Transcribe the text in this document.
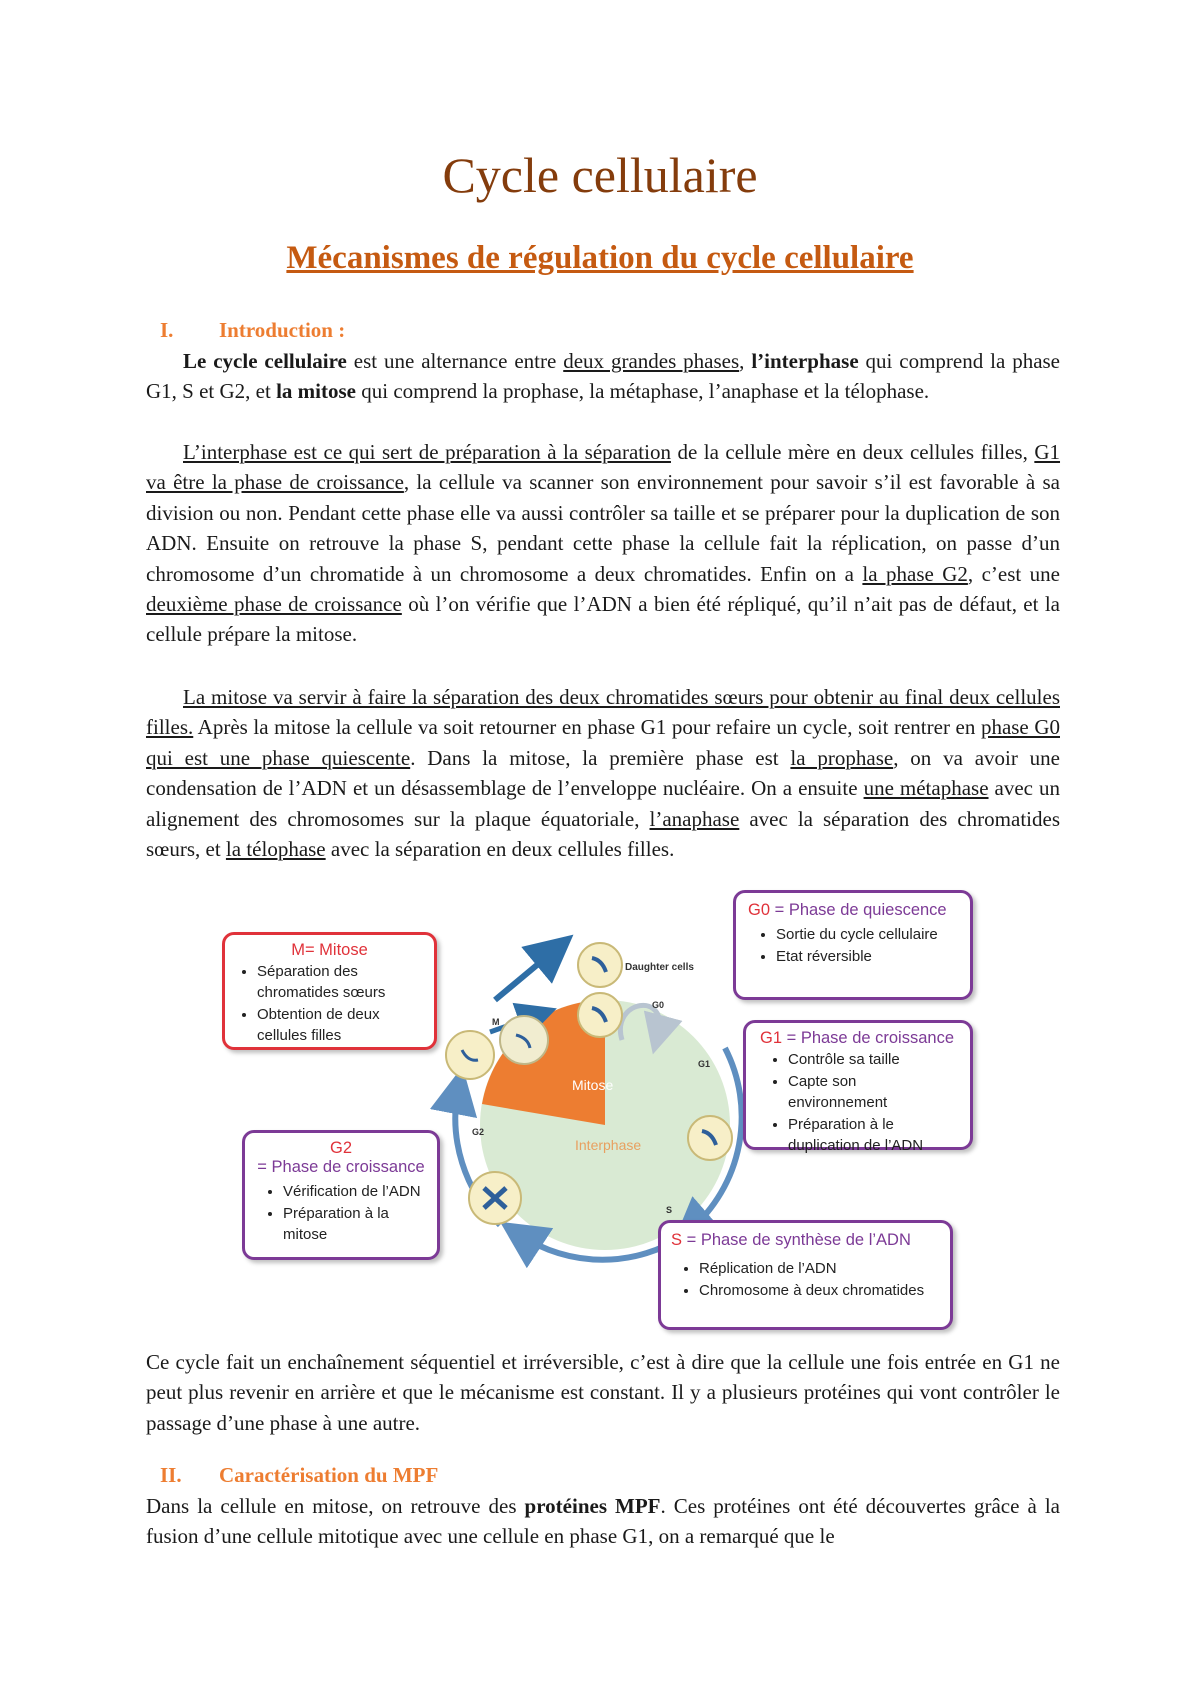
Cycle cellulaire
Mécanismes de régulation du cycle cellulaire
I. Introduction :

Le cycle cellulaire est une alternance entre deux grandes phases, l’interphase qui comprend la phase G1, S et G2, et la mitose qui comprend la prophase, la métaphase, l’anaphase et la télophase.

L’interphase est ce qui sert de préparation à la séparation de la cellule mère en deux cellules filles, G1 va être la phase de croissance, la cellule va scanner son environnement pour savoir s’il est favorable à sa division ou non. Pendant cette phase elle va aussi contrôler sa taille et se préparer pour la duplication de son ADN. Ensuite on retrouve la phase S, pendant cette phase la cellule fait la réplication, on passe d’un chromosome d’un chromatide à un chromosome a deux chromatides. Enfin on a la phase G2, c’est une deuxième phase de croissance où l’on vérifie que l’ADN a bien été répliqué, qu’il n’ait pas de défaut, et la cellule prépare la mitose.

La mitose va servir à faire la séparation des deux chromatides sœurs pour obtenir au final deux cellules filles. Après la mitose la cellule va soit retourner en phase G1 pour refaire un cycle, soit rentrer en phase G0 qui est une phase quiescente. Dans la mitose, la première phase est la prophase, on va avoir une condensation de l’ADN et un désassemblage de l’enveloppe nucléaire. On a ensuite une métaphase avec un alignement des chromosomes sur la plaque équatoriale, l’anaphase avec la séparation des chromatides sœurs, et la télophase avec la séparation en deux cellules filles.

Mitose
Interphase
Daughter cells
M
G0
G1
G2
S
M= Mitose
• Séparation des chromatides sœurs
• Obtention de deux cellules filles
G0 = Phase de quiescence
• Sortie du cycle cellulaire
• Etat réversible
G1 = Phase de croissance
• Contrôle sa taille
• Capte son environnement
• Préparation à le duplication de l’ADN
G2
= Phase de croissance
• Vérification de l’ADN
• Préparation à la mitose	S = Phase de synthèse de l’ADN
• Réplication de l’ADN
• Chromosome à deux chromatides

Ce cycle fait un enchaînement séquentiel et irréversible, c’est à dire que la cellule une fois entrée en G1 ne peut plus revenir en arrière et que le mécanisme est constant. Il y a plusieurs protéines qui vont contrôler le passage d’une phase à une autre.

II. Caractérisation du MPF

Dans la cellule en mitose, on retrouve des protéines MPF. Ces protéines ont été découvertes grâce à la fusion d’une cellule mitotique avec une cellule en phase G1, on a remarqué que le
